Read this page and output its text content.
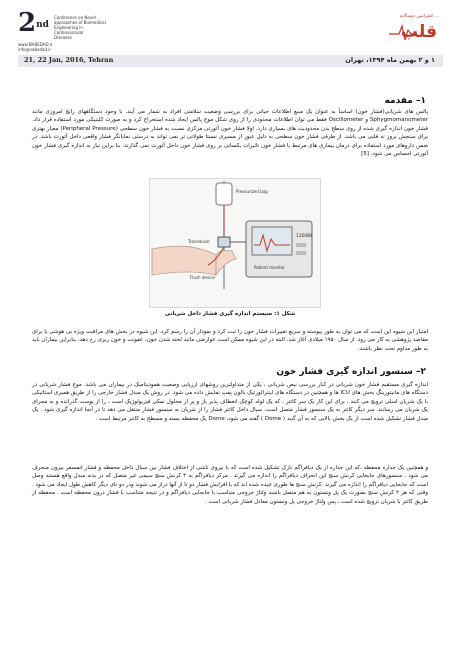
2nd
Conference on Novel
approaches of Biomedical
Engineering in Cardiovascular
Diseases
www.NABEDAD.ir
info@nabedad.ir
کنفرانس دوسالانه ...
قلب
21, 22 Jan, 2016, Tehran	۱ و ۲ بهمن ماه ۱۳۹۴، تهران
۱– مقدمه

پالس های شریانی(فشار خون) اساساً به عنوان یک منبع اطلاعات حیاتی برای بررسی وضعیت سلامتی افراد به شمار می آیند. با وجود دستگاههای رایج امروزی مانند Sphygmomanometer و Oscillometer فقط می توان اطلاعات محدودی را از روی شکل موج پالس ایجاد شده استخراج کرد و به صورت کلینیکی مورد استفاده قرار داد. فشار خون اندازه گیری شده از روی سطح بدن محدودیت های بسیاری دارد. اولا فشار خون آئورتی مرکزی نسبت به فشار خون سطحی (Peripheral Pressure) معیار بهتری برای سنجش بروز نه قلبی می باشد. از طرفی فشار خون سطحی به دلیل عبور از مسیری نسبتا طولانی تر نمی تواند به درستی نمایانگر فشار واقعی داخل آئورت باشد. در ضمن داروهای مورد استفاده برای درمان بیماری های مرتبط با فشار خون تاثیرات یکسانی بر روی فشار خون داخل آئورت نمی گذارند. بنا براین نیاز به اندازه گیری فشار خون آئورتی احساس می شود. [5]

Pressurized bag
Transducer
Flush device
120/80
Patient monitor
شکل ۱: سیستم اندازه گیری فشار داخل شریانی

امتیاز این شیوه این است که می توان به طور پیوسته و سریع تغییرات فشار خون را ثبت کرد و نمودار آن را رسم کرد. این شیوه در بخش های مراقبت ویژه بی هوشی یا برای مقاصد پژوهشی به کار می رود. از سال ۱۹۵۰ میلادی آغاز شد. البته در این شیوه ممکن است عوارضی مانند لخته شدن خون، عفونت و خون ریزی رخ دهد، بنابراین بیماران باید به طور مداوم تحت نظر باشند.

۲– سنسور اندازه گیری فشار خون

اندازه گیری مستقیم فشار خون شریانی در کنار بررسی نبض شریانی ، یکی از متداولترین روشهای ارزیابی وضعیت همودینامیک در بیماران می باشد. موج فشار شریانی در دستگاه های مانیتورینگ بخش های ICU ها و همچنین در دستگاه های اینترالورتیک بالون پمپ نمایش داده می شود. در روش یک مبدل فشار خارجی را از طریق همبری استاتیکی با یک شریان اسلی ترویج می کنند ، برای این کار یک سر کاتتر ، که یک لوله کوچک انعطاف پذیر باز و پر از محلول نمکی فیزیولوژیک است ، را از پوست گذرانده و به مجرای یک شریان می رسانند. سر دیگر کاتتر به یک سنسور فشار متصل است. سیال داخل کاتتر فشار را از شریان به سنسور فشار منتقل می دهد تا در آنجا اندازه گیری شود . یک مبدل فشار تشکیل شده است از یک بخش بالایی که به آن گنبد ( Dome ) گفته می شود، Dome یک محفظه بسته و مسطح به کاتتر مرتبط است .

و همچنین یک جداره محفظه ،که این جداره از یک دیافراگم نازک تشکیل شده است که با نیروی ناشی از اختلاف فشار بین سیال داخل محفظه و فشار اتمسفر بیرون منحرف می شود . سنسورهای جابجایی کرنش سنج این انحراف دیافراگم را اندازه می گیرند . مرکز دیافراگم به ۴ کرنش سنج سیمی غیر متصل که در بدنه مبدل واقع هستند وصل است که جابجایی دیافراگم را اندازه می گیرند .کرنش سنج ها طوری چیده شده اند که با افزایش فشار دو تا از آنها دراز می شوند ودر دو تای دیگر کاهش طول ایجاد می شود . وقتی که هر ۴ کرنش سنج بصورت یک پل وتستون به هم متصل باشند ولتاژ خروجی متناسب با جابجایی دیافراگم و در نتیجه متناسب با فشار درون محفظه است . محفظه از طریق کاتتر با شریان ترویج شده است ، پس ولتاژ خروجی پل وتستون معادل فشار شریانی است .
